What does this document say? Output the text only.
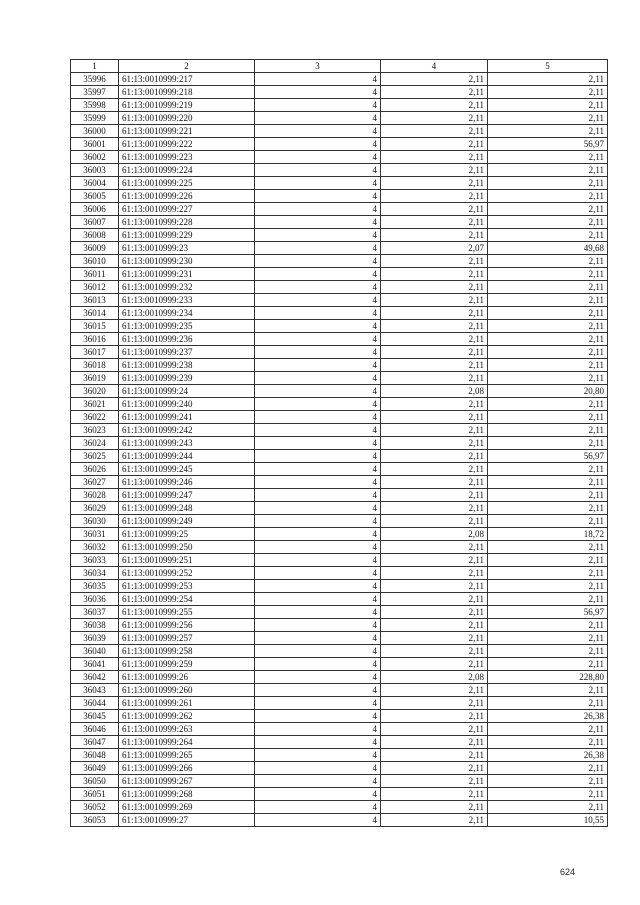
1	2	3	4	5
35996	61:13:0010999:217	4	2,11	2,11
35997	61:13:0010999:218	4	2,11	2,11
35998	61:13:0010999:219	4	2,11	2,11
35999	61:13:0010999:220	4	2,11	2,11
36000	61:13:0010999:221	4	2,11	2,11
36001	61:13:0010999:222	4	2,11	56,97
36002	61:13:0010999:223	4	2,11	2,11
36003	61:13:0010999:224	4	2,11	2,11
36004	61:13:0010999:225	4	2,11	2,11
36005	61:13:0010999:226	4	2,11	2,11
36006	61:13:0010999:227	4	2,11	2,11
36007	61:13:0010999:228	4	2,11	2,11
36008	61:13:0010999:229	4	2,11	2,11
36009	61:13:0010999:23	4	2,07	49,68
36010	61:13:0010999:230	4	2,11	2,11
36011	61:13:0010999:231	4	2,11	2,11
36012	61:13:0010999:232	4	2,11	2,11
36013	61:13:0010999:233	4	2,11	2,11
36014	61:13:0010999:234	4	2,11	2,11
36015	61:13:0010999:235	4	2,11	2,11
36016	61:13:0010999:236	4	2,11	2,11
36017	61:13:0010999:237	4	2,11	2,11
36018	61:13:0010999:238	4	2,11	2,11
36019	61:13:0010999:239	4	2,11	2,11
36020	61:13:0010999:24	4	2,08	20,80
36021	61:13:0010999:240	4	2,11	2,11
36022	61:13:0010999:241	4	2,11	2,11
36023	61:13:0010999:242	4	2,11	2,11
36024	61:13:0010999:243	4	2,11	2,11
36025	61:13:0010999:244	4	2,11	56,97
36026	61:13:0010999:245	4	2,11	2,11
36027	61:13:0010999:246	4	2,11	2,11
36028	61:13:0010999:247	4	2,11	2,11
36029	61:13:0010999:248	4	2,11	2,11
36030	61:13:0010999:249	4	2,11	2,11
36031	61:13:0010999:25	4	2,08	18,72
36032	61:13:0010999:250	4	2,11	2,11
36033	61:13:0010999:251	4	2,11	2,11
36034	61:13:0010999:252	4	2,11	2,11
36035	61:13:0010999:253	4	2,11	2,11
36036	61:13:0010999:254	4	2,11	2,11
36037	61:13:0010999:255	4	2,11	56,97
36038	61:13:0010999:256	4	2,11	2,11
36039	61:13:0010999:257	4	2,11	2,11
36040	61:13:0010999:258	4	2,11	2,11
36041	61:13:0010999:259	4	2,11	2,11
36042	61:13:0010999:26	4	2,08	228,80
36043	61:13:0010999:260	4	2,11	2,11
36044	61:13:0010999:261	4	2,11	2,11
36045	61:13:0010999:262	4	2,11	26,38
36046	61:13:0010999:263	4	2,11	2,11
36047	61:13:0010999:264	4	2,11	2,11
36048	61:13:0010999:265	4	2,11	26,38
36049	61:13:0010999:266	4	2,11	2,11
36050	61:13:0010999:267	4	2,11	2,11
36051	61:13:0010999:268	4	2,11	2,11
36052	61:13:0010999:269	4	2,11	2,11
36053	61:13:0010999:27	4	2,11	10,55
624
